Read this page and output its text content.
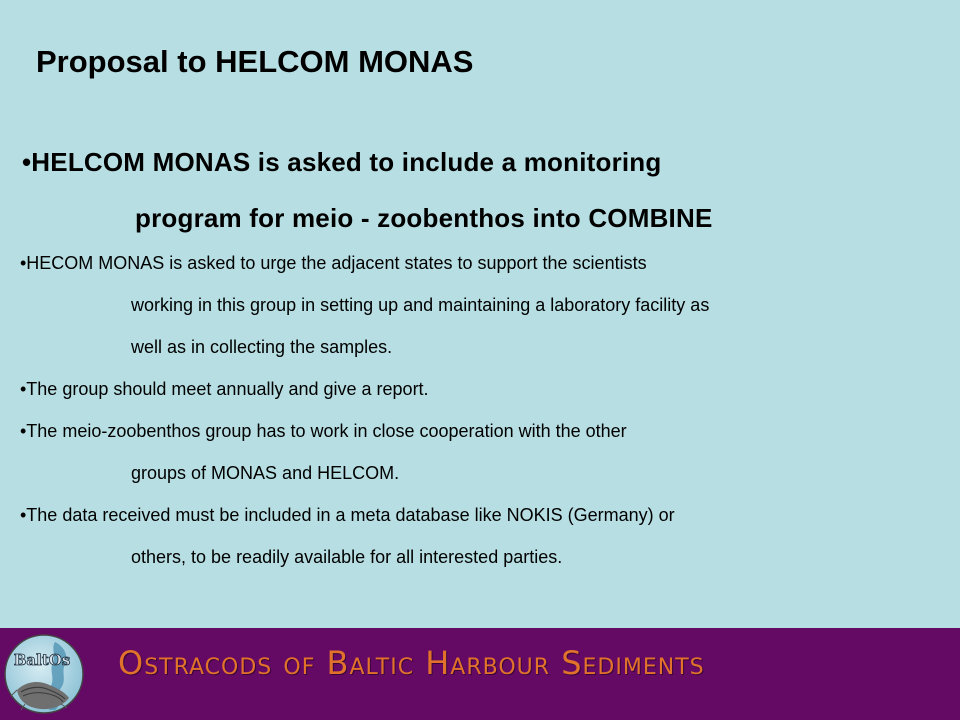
Proposal to HELCOM MONAS
•HELCOM MONAS is asked to include a monitoring
program for meio - zoobenthos into COMBINE
•HECOM MONAS is asked to urge the adjacent states to support the scientists
working in this group in setting up and maintaining a laboratory facility as
well as in collecting the samples.
•The group should meet annually and give a report.
•The meio-zoobenthos group has to work in close cooperation with the other
groups of MONAS and HELCOM.
•The data received must be included in a meta database like NOKIS (Germany) or
others, to be readily available for all interested parties.
BaltOs Ostracods of Baltic Harbour Sediments
